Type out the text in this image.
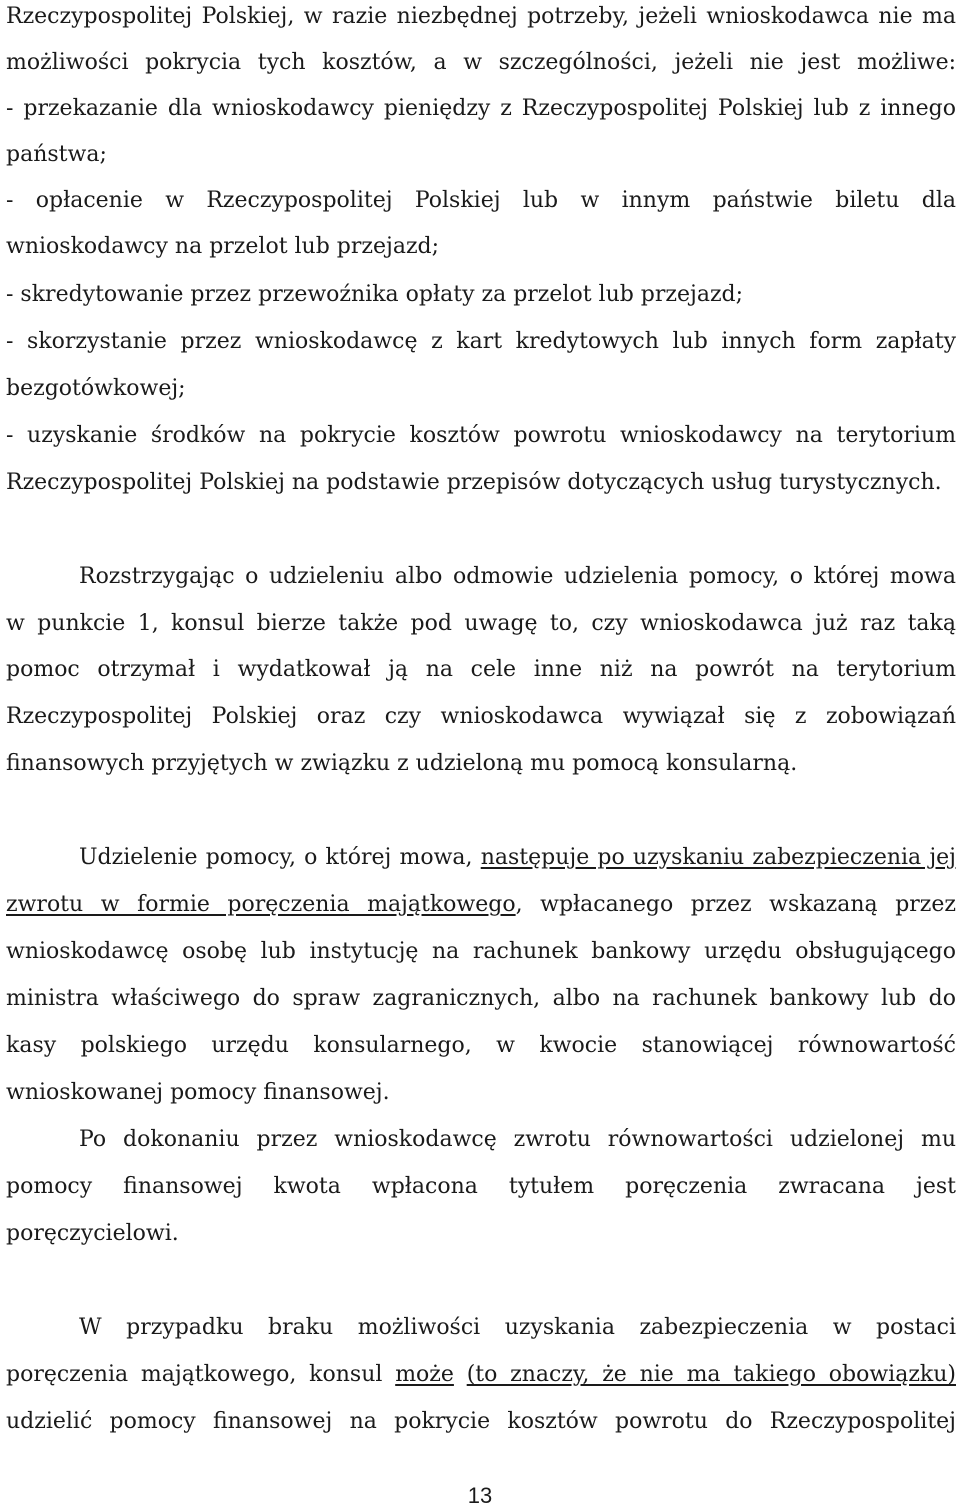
Rzeczypospolitej Polskiej, w razie niezbędnej potrzeby, jeżeli wnioskodawca nie ma
możliwości pokrycia tych kosztów, a w szczególności, jeżeli nie jest możliwe:
- przekazanie dla wnioskodawcy pieniędzy z Rzeczypospolitej Polskiej lub z innego
państwa;
- opłacenie w Rzeczypospolitej Polskiej lub w innym państwie biletu dla
wnioskodawcy na przelot lub przejazd;
- skredytowanie przez przewoźnika opłaty za przelot lub przejazd;
- skorzystanie przez wnioskodawcę z kart kredytowych lub innych form zapłaty
bezgotówkowej;
- uzyskanie środków na pokrycie kosztów powrotu wnioskodawcy na terytorium
Rzeczypospolitej Polskiej na podstawie przepisów dotyczących usług turystycznych.
Rozstrzygając o udzieleniu albo odmowie udzielenia pomocy, o której mowa
w punkcie 1, konsul bierze także pod uwagę to, czy wnioskodawca już raz taką
pomoc otrzymał i wydatkował ją na cele inne niż na powrót na terytorium
Rzeczypospolitej Polskiej oraz czy wnioskodawca wywiązał się z zobowiązań
finansowych przyjętych w związku z udzieloną mu pomocą konsularną.
Udzielenie pomocy, o której mowa, następuje po uzyskaniu zabezpieczenia jej
zwrotu w formie poręczenia majątkowego, wpłacanego przez wskazaną przez
wnioskodawcę osobę lub instytucję na rachunek bankowy urzędu obsługującego
ministra właściwego do spraw zagranicznych, albo na rachunek bankowy lub do
kasy polskiego urzędu konsularnego, w kwocie stanowiącej równowartość
wnioskowanej pomocy finansowej.
Po dokonaniu przez wnioskodawcę zwrotu równowartości udzielonej mu
pomocy finansowej kwota wpłacona tytułem poręczenia zwracana jest
poręczycielowi.
W przypadku braku możliwości uzyskania zabezpieczenia w postaci
poręczenia majątkowego, konsul może (to znaczy, że nie ma takiego obowiązku)
udzielić pomocy finansowej na pokrycie kosztów powrotu do Rzeczypospolitej
13
